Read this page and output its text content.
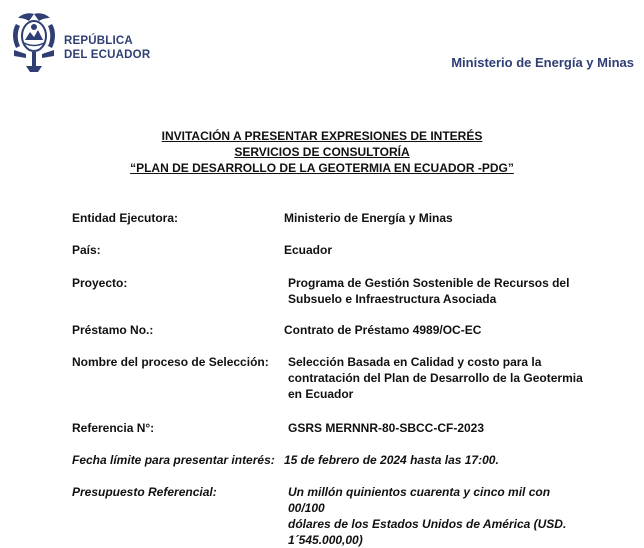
REPÚBLICA
DEL ECUADOR	Ministerio de Energía y Minas
INVITACIÓN A PRESENTAR EXPRESIONES DE INTERÉS
SERVICIOS DE CONSULTORÍA
“PLAN DE DESARROLLO DE LA GEOTERMIA EN ECUADOR -PDG”
Entidad Ejecutora:	Ministerio de Energía y Minas
País:	Ecuador
Proyecto:	Programa de Gestión Sostenible de Recursos del
Subsuelo e Infraestructura Asociada
Préstamo No.:	Contrato de Préstamo 4989/OC-EC
Nombre del proceso de Selección:	Selección Basada en Calidad y costo para la
contratación del Plan de Desarrollo de la Geotermia
en Ecuador
Referencia N°:	GSRS MERNNR-80-SBCC-CF-2023
Fecha límite para presentar interés: 15 de febrero de 2024 hasta las 17:00.
Presupuesto Referencial:	Un millón quinientos cuarenta y cinco mil con 00/100
dólares de los Estados Unidos de América (USD.
1´545.000,00)
